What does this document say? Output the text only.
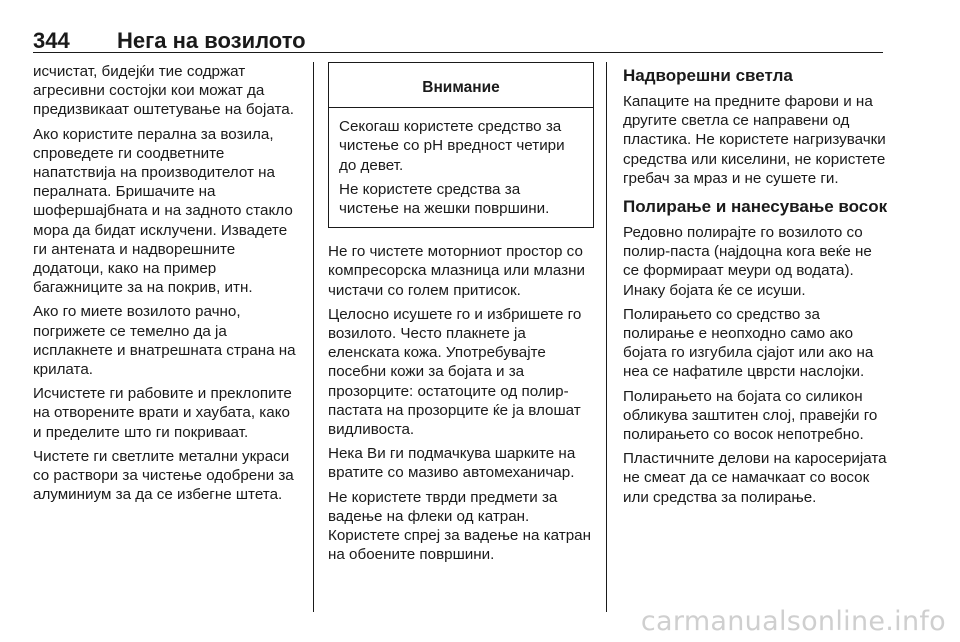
344	Нега на возилото

исчистат, бидејќи тие содржат агресивни состојки кои можат да предизвикаат оштетување на бојата.

Ако користите перална за возила, спроведете ги соодветните напатствија на производителот на пералната. Бришачите на шофершајбната и на задното стакло мора да бидат исклучени. Извадете ги антената и надворешните додатоци, како на пример багажниците за на покрив, итн.

Ако го миете возилото рачно, погрижете се темелно да ја исплакнете и внатрешната страна на крилата.

Исчистете ги рабовите и преклопите на отворените врати и хаубата, како и пределите што ги покриваат.

Чистете ги светлите метални украси со раствори за чистење одобрени за алуминиум за да се избегне штета.

Внимание

Секогаш користете средство за чистење со pH вредност четири до девет.

Не користете средства за чистење на жешки површини.

Не го чистете моторниот простор со компресорска млазница или млазни чистачи со голем притисок.

Целосно исушете го и избришете го возилото. Често плакнете ја еленската кожа. Употребувајте посебни кожи за бојата и за прозорците: остатоците од полир-пастата на прозорците ќе ја влошат видливоста.

Нека Ви ги подмачкува шарките на вратите со мазиво автомеханичар.

Не користете тврди предмети за вадење на флеки од катран. Користете спреј за вадење на катран на обоените површини.

Надворешни светла

Капаците на предните фарови и на другите светла се направени од пластика. Не користете нагризувачки средства или киселини, не користете гребач за мраз и не сушете ги.

Полирање и нанесување восок

Редовно полирајте го возилото со полир-паста (најдоцна кога веќе не се формираат меури од водата). Инаку бојата ќе се исуши.

Полирањето со средство за полирање е неопходно само ако бојата го изгубила сјајот или ако на неа се нафатиле цврсти наслојки.

Полирањето на бојата со силикон обликува заштитен слој, правејќи го полирањето со восок непотребно.

Пластичните делови на каросеријата не смеат да се намачкаат со восок или средства за полирање.

carmanualsonline.info
